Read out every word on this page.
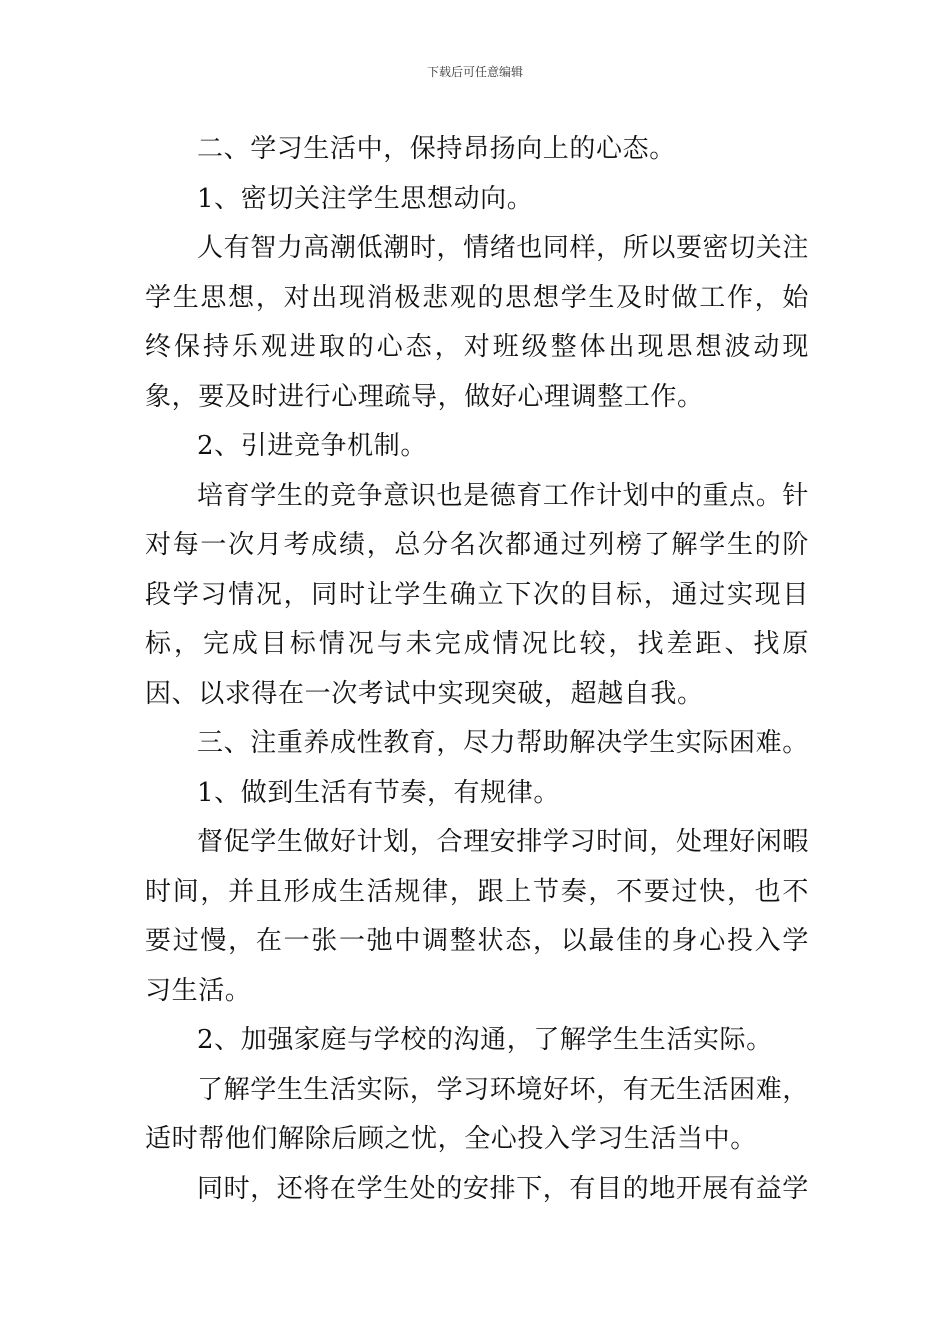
下载后可任意编辑

二、学习生活中，保持昂扬向上的心态。

1、密切关注学生思想动向。

人有智力高潮低潮时，情绪也同样，所以要密切关注学生思想，对出现消极悲观的思想学生及时做工作，始终保持乐观进取的心态，对班级整体出现思想波动现象，要及时进行心理疏导，做好心理调整工作。

2、引进竞争机制。

培育学生的竞争意识也是德育工作计划中的重点。针对每一次月考成绩，总分名次都通过列榜了解学生的阶段学习情况，同时让学生确立下次的目标，通过实现目标，完成目标情况与未完成情况比较，找差距、找原因、以求得在一次考试中实现突破，超越自我。

三、注重养成性教育，尽力帮助解决学生实际困难。

1、做到生活有节奏，有规律。

督促学生做好计划，合理安排学习时间，处理好闲暇时间，并且形成生活规律，跟上节奏，不要过快，也不要过慢，在一张一弛中调整状态，以最佳的身心投入学习生活。

2、加强家庭与学校的沟通，了解学生生活实际。

了解学生生活实际，学习环境好坏，有无生活困难，适时帮他们解除后顾之忧，全心投入学习生活当中。

同时，还将在学生处的安排下，有目的地开展有益学
